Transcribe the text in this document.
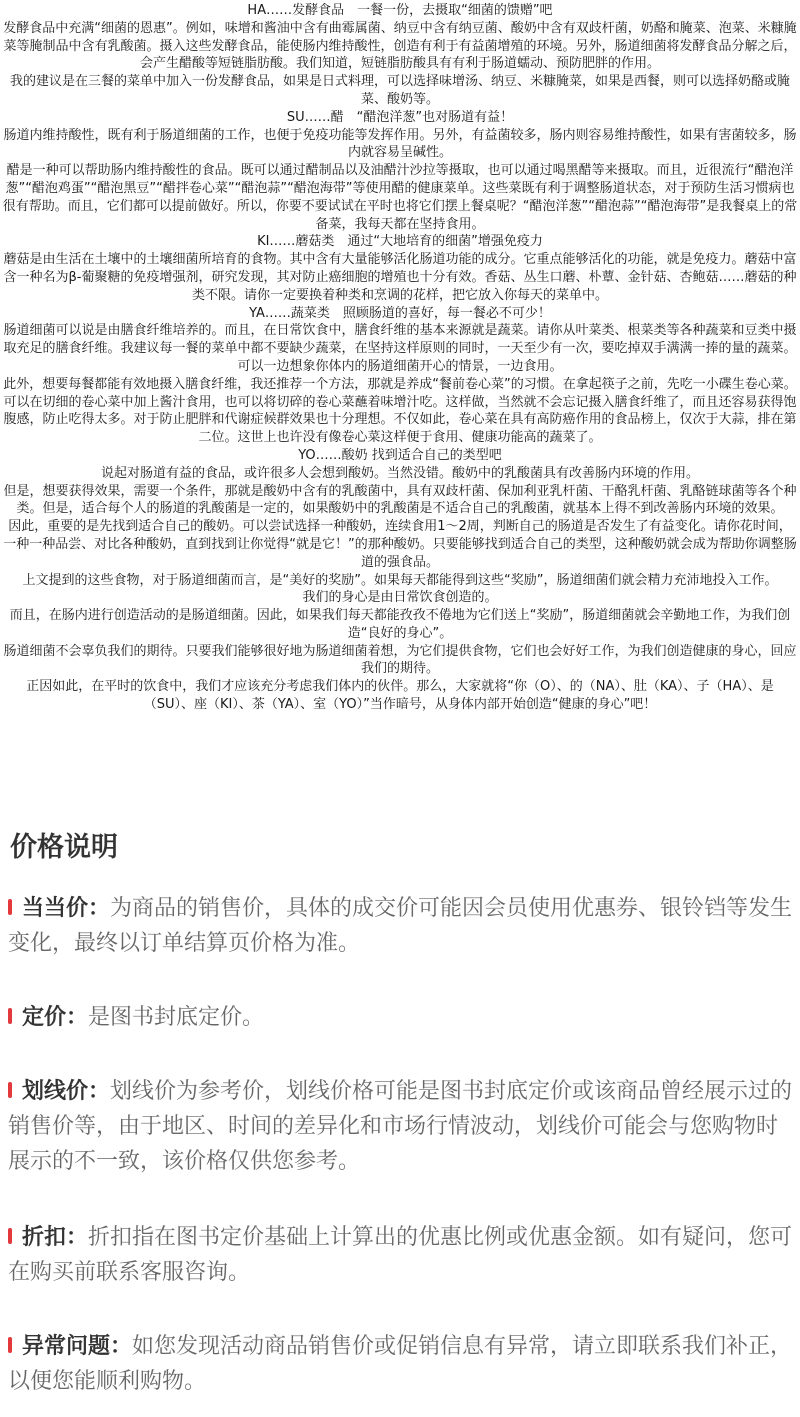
HA……发酵食品　一餐一份，去摄取“细菌的馈赠”吧

发酵食品中充满“细菌的恩惠”。例如，味增和酱油中含有曲霉属菌、纳豆中含有纳豆菌、酸奶中含有双歧杆菌，奶酪和腌菜、泡菜、米糠腌菜等腌制品中含有乳酸菌。摄入这些发酵食品，能使肠内维持酸性，创造有利于有益菌增殖的环境。另外，肠道细菌将发酵食品分解之后，会产生醋酸等短链脂肪酸。我们知道，短链脂肪酸具有有利于肠道蠕动、预防肥胖的作用。

我的建议是在三餐的菜单中加入一份发酵食品，如果是日式料理，可以选择味增汤、纳豆、米糠腌菜，如果是西餐，则可以选择奶酪或腌菜、酸奶等。

SU……醋　“醋泡洋葱”也对肠道有益！

肠道内维持酸性，既有利于肠道细菌的工作，也便于免疫功能等发挥作用。另外，有益菌较多，肠内则容易维持酸性，如果有害菌较多，肠内就容易呈碱性。

醋是一种可以帮助肠内维持酸性的食品。既可以通过醋制品以及油醋汁沙拉等摄取，也可以通过喝黑醋等来摄取。而且，近很流行“醋泡洋葱”“醋泡鸡蛋”“醋泡黑豆”“醋拌卷心菜”“醋泡蒜”“醋泡海带”等使用醋的健康菜单。这些菜既有利于调整肠道状态，对于预防生活习惯病也很有帮助。而且，它们都可以提前做好。所以，你要不要试试在平时也将它们摆上餐桌呢？“醋泡洋葱”“醋泡蒜”“醋泡海带”是我餐桌上的常备菜，我每天都在坚持食用。

KI……蘑菇类　通过“大地培育的细菌”增强免疫力

蘑菇是由生活在土壤中的土壤细菌所培育的食物。其中含有大量能够活化肠道功能的成分。它重点能够活化的功能，就是免疫力。蘑菇中富含一种名为β-葡聚糖的免疫增强剂，研究发现，其对防止癌细胞的增殖也十分有效。香菇、丛生口蘑、朴蕈、金针菇、杏鲍菇……蘑菇的种类不限。请你一定要换着种类和烹调的花样，把它放入你每天的菜单中。

YA……蔬菜类　照顾肠道的喜好，每一餐必不可少！

肠道细菌可以说是由膳食纤维培养的。而且，在日常饮食中，膳食纤维的基本来源就是蔬菜。请你从叶菜类、根菜类等各种蔬菜和豆类中摄取充足的膳食纤维。我建议每一餐的菜单中都不要缺少蔬菜，在坚持这样原则的同时，一天至少有一次，要吃掉双手满满一捧的量的蔬菜。可以一边想象你体内的肠道细菌开心的情景，一边食用。

此外，想要每餐都能有效地摄入膳食纤维，我还推荐一个方法，那就是养成“餐前卷心菜”的习惯。在拿起筷子之前，先吃一小碟生卷心菜。可以在切细的卷心菜中加上酱汁食用，也可以将切碎的卷心菜蘸着味增汁吃。这样做，当然就不会忘记摄入膳食纤维了，而且还容易获得饱腹感，防止吃得太多。对于防止肥胖和代谢症候群效果也十分理想。不仅如此，卷心菜在具有高防癌作用的食品榜上，仅次于大蒜，排在第二位。这世上也许没有像卷心菜这样便于食用、健康功能高的蔬菜了。

YO……酸奶 找到适合自己的类型吧

说起对肠道有益的食品，或许很多人会想到酸奶。当然没错。酸奶中的乳酸菌具有改善肠内环境的作用。

但是，想要获得效果，需要一个条件，那就是酸奶中含有的乳酸菌中，具有双歧杆菌、保加利亚乳杆菌、干酪乳杆菌、乳酪链球菌等各个种类。但是，适合每个人的肠道的乳酸菌是一定的，如果酸奶中的乳酸菌是不适合自己的乳酸菌，就基本上得不到改善肠内环境的效果。

因此，重要的是先找到适合自己的酸奶。可以尝试选择一种酸奶，连续食用1～2周，判断自己的肠道是否发生了有益变化。请你花时间，一种一种品尝、对比各种酸奶，直到找到让你觉得“就是它！”的那种酸奶。只要能够找到适合自己的类型，这种酸奶就会成为帮助你调整肠道的强食品。

上文提到的这些食物，对于肠道细菌而言，是“美好的奖励”。如果每天都能得到这些“奖励”，肠道细菌们就会精力充沛地投入工作。

我们的身心是由日常饮食创造的。

而且，在肠内进行创造活动的是肠道细菌。因此，如果我们每天都能孜孜不倦地为它们送上“奖励”，肠道细菌就会辛勤地工作，为我们创造“良好的身心”。

肠道细菌不会辜负我们的期待。只要我们能够很好地为肠道细菌着想，为它们提供食物，它们也会好好工作，为我们创造健康的身心，回应我们的期待。

正因如此，在平时的饮食中，我们才应该充分考虑我们体内的伙伴。那么，大家就将“你（O）、的（NA）、肚（KA）、子（HA）、是（SU）、座（KI）、茶（YA）、室（YO）”当作暗号，从身体内部开始创造“健康的身心”吧！

价格说明
当当价：为商品的销售价，具体的成交价可能因会员使用优惠券、银铃铛等发生变化，最终以订单结算页价格为准。
定价：是图书封底定价。
划线价：划线价为参考价，划线价格可能是图书封底定价或该商品曾经展示过的销售价等，由于地区、时间的差异化和市场行情波动，划线价可能会与您购物时展示的不一致，该价格仅供您参考。
折扣：折扣指在图书定价基础上计算出的优惠比例或优惠金额。如有疑问，您可在购买前联系客服咨询。
异常问题：如您发现活动商品销售价或促销信息有异常，请立即联系我们补正，以便您能顺利购物。
